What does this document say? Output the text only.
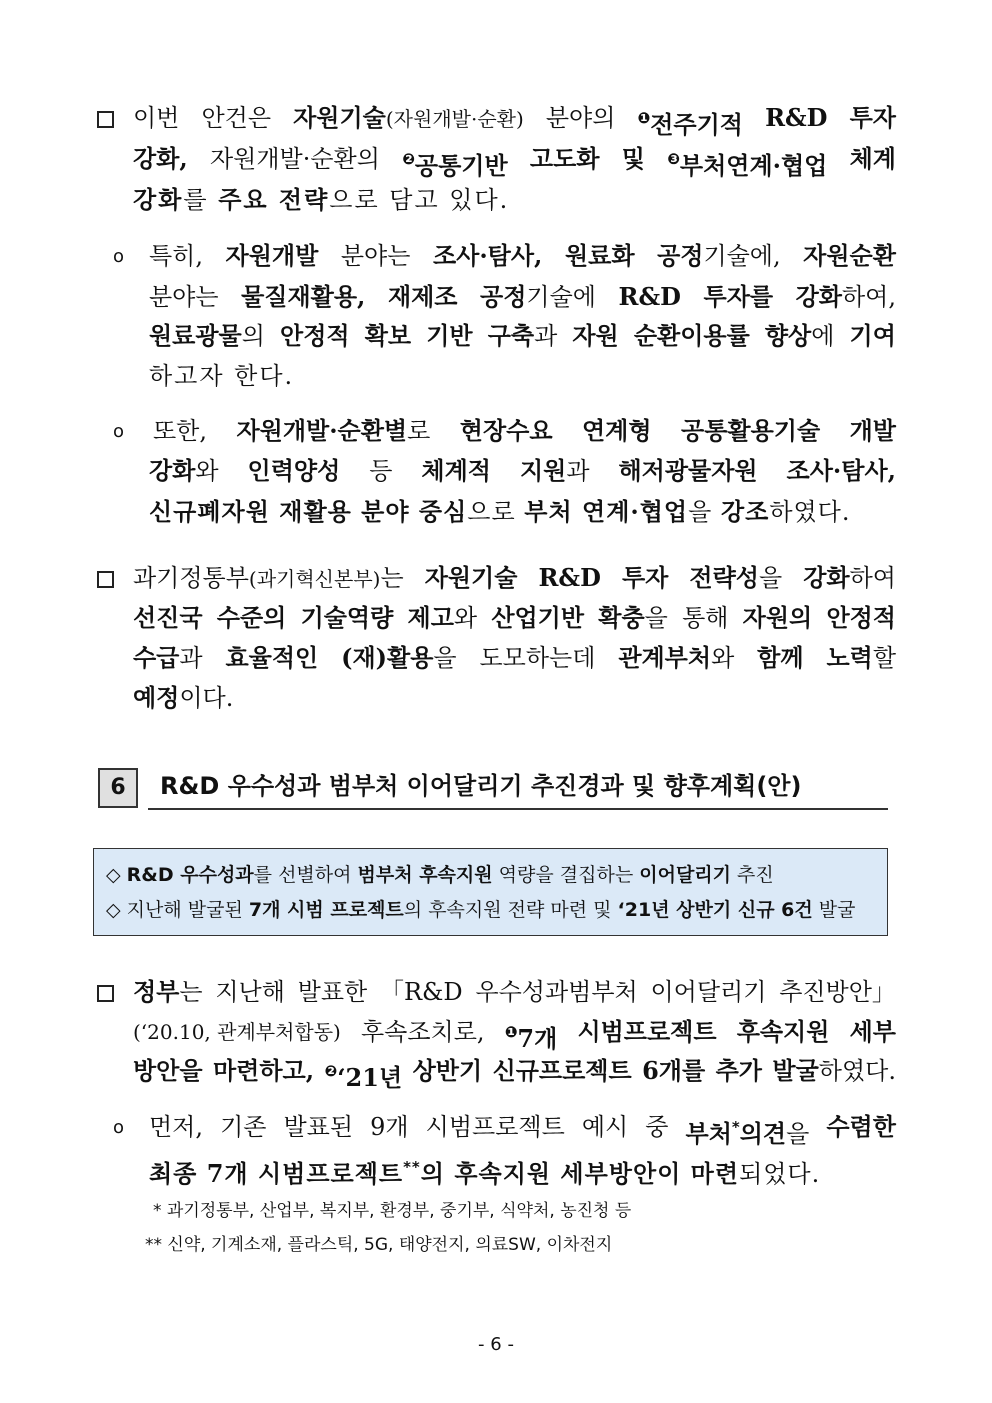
이번 안건은 자원기술(자원개발·순환) 분야의 $^❶$전주기적 R&D 투자
강화, 자원개발·순환의 $^❷$공통기반 고도화 및 $^❸$부처연계·협업 체계
강화를 주요 전략으로 담고 있다.
o 특히, 자원개발 분야는 조사·탐사, 원료화 공정기술에, 자원순환
분야는 물질재활용, 재제조 공정기술에 R&D 투자를 강화하여,
원료광물의 안정적 확보 기반 구축과 자원 순환이용률 향상에 기여
하고자 한다.
o 또한, 자원개발·순환별로 현장수요 연계형 공통활용기술 개발
강화와 인력양성 등 체계적 지원과 해저광물자원 조사·탐사,
신규폐자원 재활용 분야 중심으로 부처 연계·협업을 강조하였다.
과기정통부(과기혁신본부)는 자원기술 R&D 투자 전략성을 강화하여
선진국 수준의 기술역량 제고와 산업기반 확충을 통해 자원의 안정적
수급과 효율적인 (재)활용을 도모하는데 관계부처와 함께 노력할
예정이다.
6	R&D 우수성과 범부처 이어달리기 추진경과 및 향후계획(안)
◇ R&D 우수성과를 선별하여 범부처 후속지원 역량을 결집하는 이어달리기 추진
◇ 지난해 발굴된 7개 시범 프로젝트의 후속지원 전략 마련 및 ‘21년 상반기 신규 6건 발굴
정부는 지난해 발표한 「R&D 우수성과범부처 이어달리기 추진방안」
(‘20.10, 관계부처합동) 후속조치로, $^❶$7개 시범프로젝트 후속지원 세부
방안을 마련하고, $^❷$‘21년 상반기 신규프로젝트 6개를 추가 발굴하였다.
o 먼저, 기존 발표된 9개 시범프로젝트 예시 중 부처*의견을 수렴한
최종 7개 시범프로젝트**의 후속지원 세부방안이 마련되었다.
* 과기정통부, 산업부, 복지부, 환경부, 중기부, 식약처, 농진청 등
** 신약, 기계소재, 플라스틱, 5G, 태양전지, 의료SW, 이차전지
- 6 -
